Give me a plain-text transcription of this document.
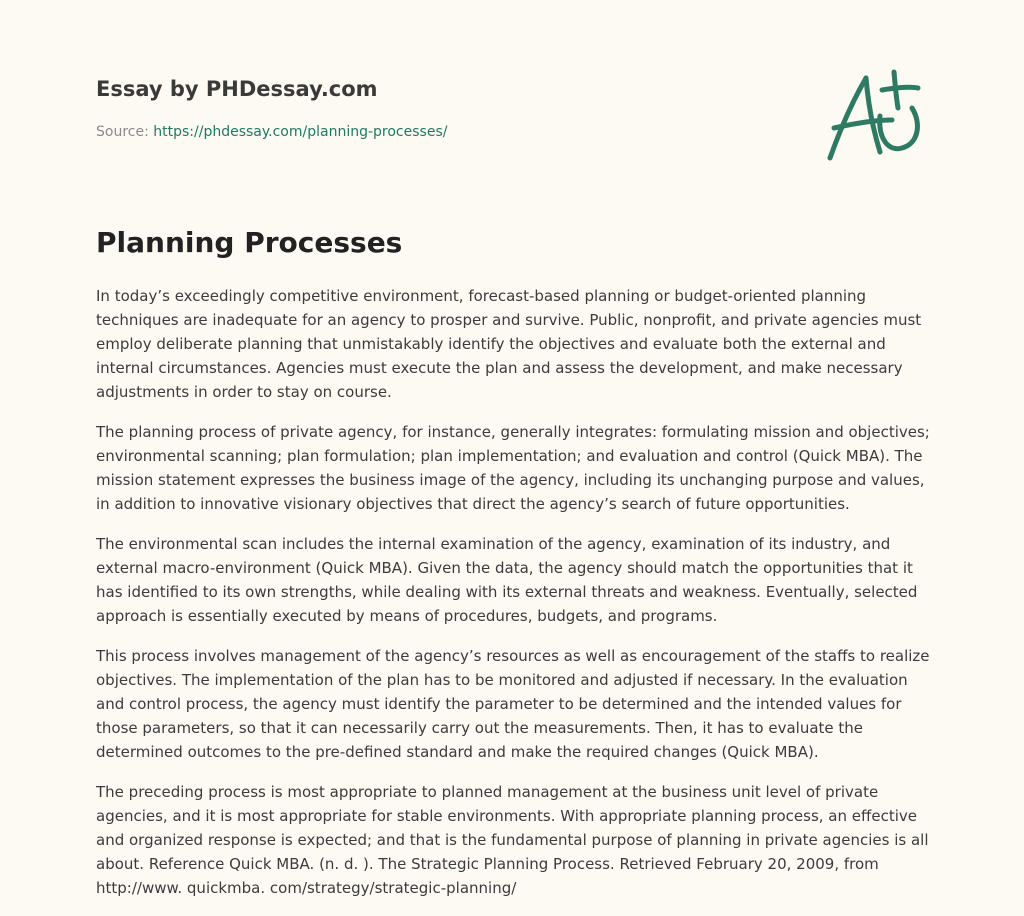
Essay by PHDessay.com
Source: https://phdessay.com/planning-processes/
Planning Processes

In today’s exceedingly competitive environment, forecast-based planning or budget-oriented planning techniques are inadequate for an agency to prosper and survive. Public, nonprofit, and private agencies must employ deliberate planning that unmistakably identify the objectives and evaluate both the external and internal circumstances. Agencies must execute the plan and assess the development, and make necessary adjustments in order to stay on course.

The planning process of private agency, for instance, generally integrates: formulating mission and objectives; environmental scanning; plan formulation; plan implementation; and evaluation and control (Quick MBA). The mission statement expresses the business image of the agency, including its unchanging purpose and values, in addition to innovative visionary objectives that direct the agency’s search of future opportunities.

The environmental scan includes the internal examination of the agency, examination of its industry, and external macro-environment (Quick MBA). Given the data, the agency should match the opportunities that it has identified to its own strengths, while dealing with its external threats and weakness. Eventually, selected approach is essentially executed by means of procedures, budgets, and programs.

This process involves management of the agency’s resources as well as encouragement of the staffs to realize objectives. The implementation of the plan has to be monitored and adjusted if necessary. In the evaluation and control process, the agency must identify the parameter to be determined and the intended values for those parameters, so that it can necessarily carry out the measurements. Then, it has to evaluate the determined outcomes to the pre-defined standard and make the required changes (Quick MBA).

The preceding process is most appropriate to planned management at the business unit level of private agencies, and it is most appropriate for stable environments. With appropriate planning process, an effective and organized response is expected; and that is the fundamental purpose of planning in private agencies is all about. Reference Quick MBA. (n. d. ). The Strategic Planning Process. Retrieved February 20, 2009, from http://www. quickmba. com/strategy/strategic-planning/
